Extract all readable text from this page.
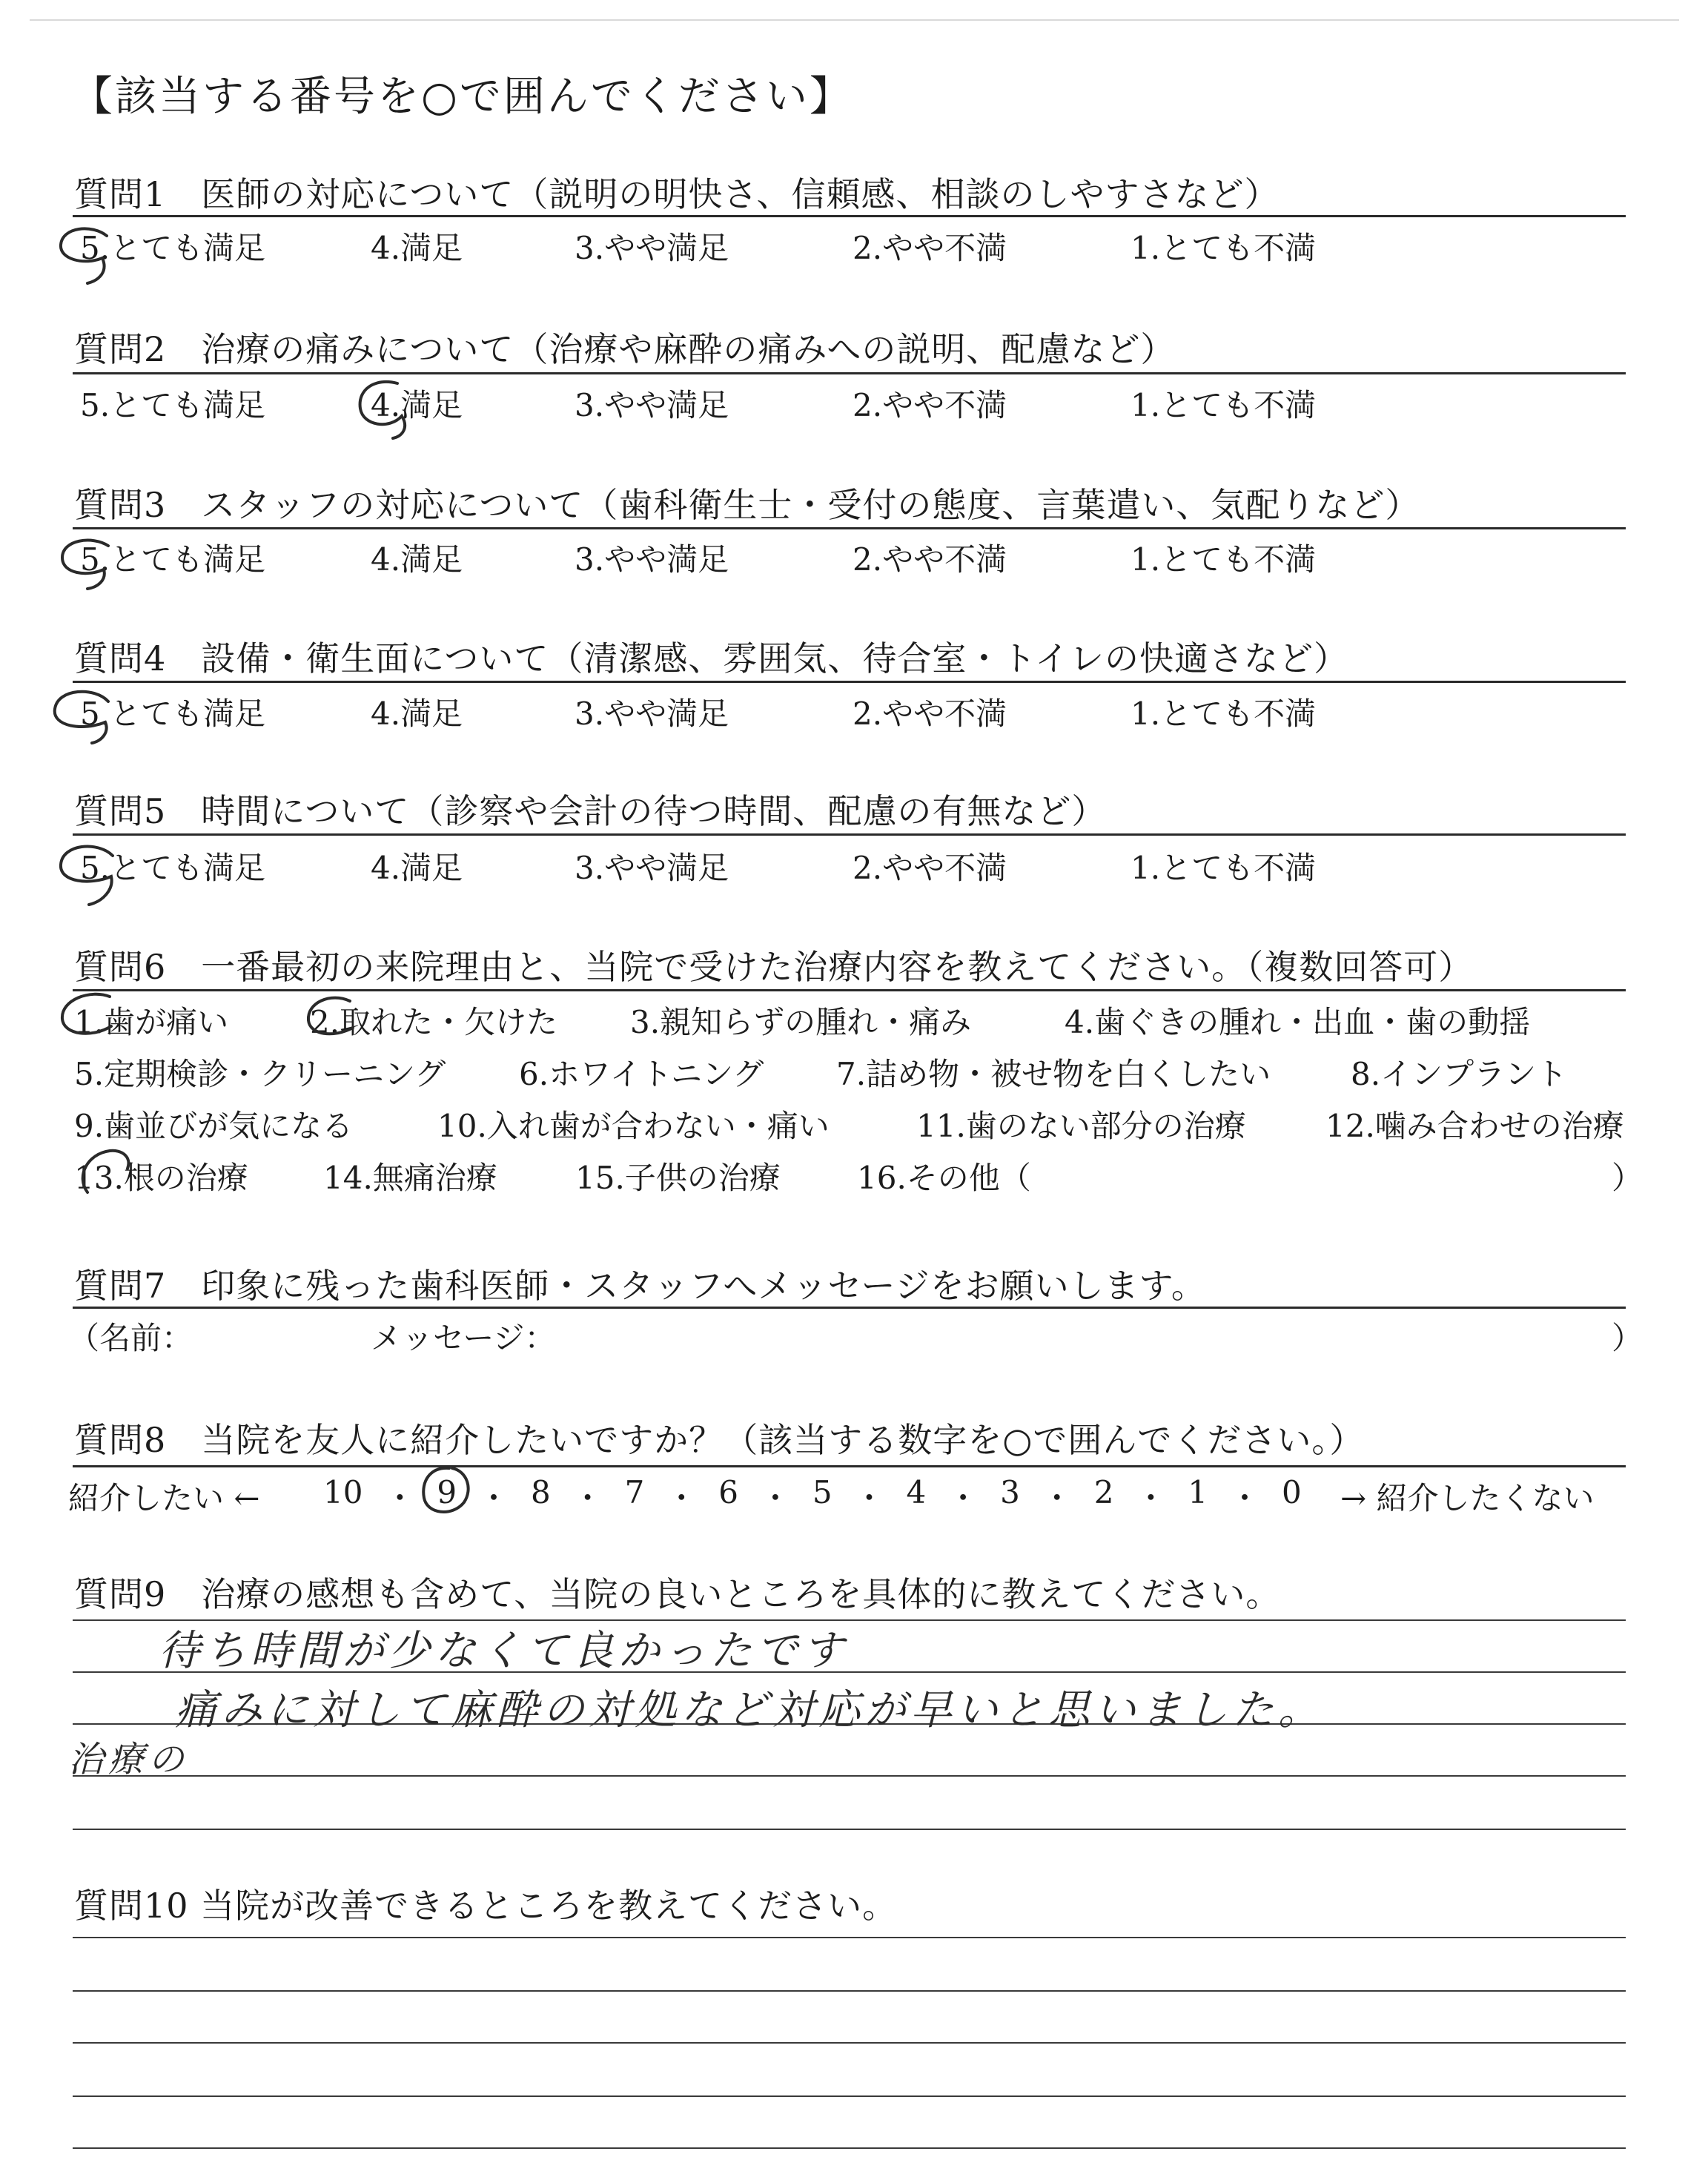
【該当する番号を○で囲んでください】
質問1　医師の対応について（説明の明快さ、信頼感、相談のしやすさなど）
5.とても満足	4.満足	3.やや満足	2.やや不満	1.とても不満
質問2　治療の痛みについて（治療や麻酔の痛みへの説明、配慮など）
5.とても満足	4.満足	3.やや満足	2.やや不満	1.とても不満
質問3　スタッフの対応について（歯科衛生士・受付の態度、言葉遣い、気配りなど）
5.とても満足	4.満足	3.やや満足	2.やや不満	1.とても不満
質問4　設備・衛生面について（清潔感、雰囲気、待合室・トイレの快適さなど）
5.とても満足	4.満足	3.やや満足	2.やや不満	1.とても不満
質問5　時間について（診察や会計の待つ時間、配慮の有無など）
5.とても満足	4.満足	3.やや満足	2.やや不満	1.とても不満
質問6　一番最初の来院理由と、当院で受けた治療内容を教えてください。（複数回答可）
1.歯が痛い	2.取れた・欠けた 3.親知らずの腫れ・痛み	4.歯ぐきの腫れ・出血・歯の動揺
5.定期検診・クリーニング 6.ホワイトニング 7.詰め物・被せ物を白くしたい	8.インプラント
9.歯並びが気になる	10.入れ歯が合わない・痛い	11.歯のない部分の治療	12.噛み合わせの治療
13.根の治療 14.無痛治療	15.子供の治療 16.その他（	）
質問7　印象に残った歯科医師・スタッフへメッセージをお願いします。
（名前：	メッセージ：	）
質問8　当院を友人に紹介したいですか？（該当する数字を○で囲んでください。）
紹介したい ← 10 ・ 9 ・ 8 ・ 7 ・ 6 ・ 5 ・ 4 ・ 3 ・ 2 ・ 1 ・ 0 → 紹介したくない
質問9　治療の感想も含めて、当院の良いところを具体的に教えてください。
待ち時間が少なくて良かったです
痛みに対して麻酔の対処など対応が早いと思いました。
治療の
質問10 当院が改善できるところを教えてください。
